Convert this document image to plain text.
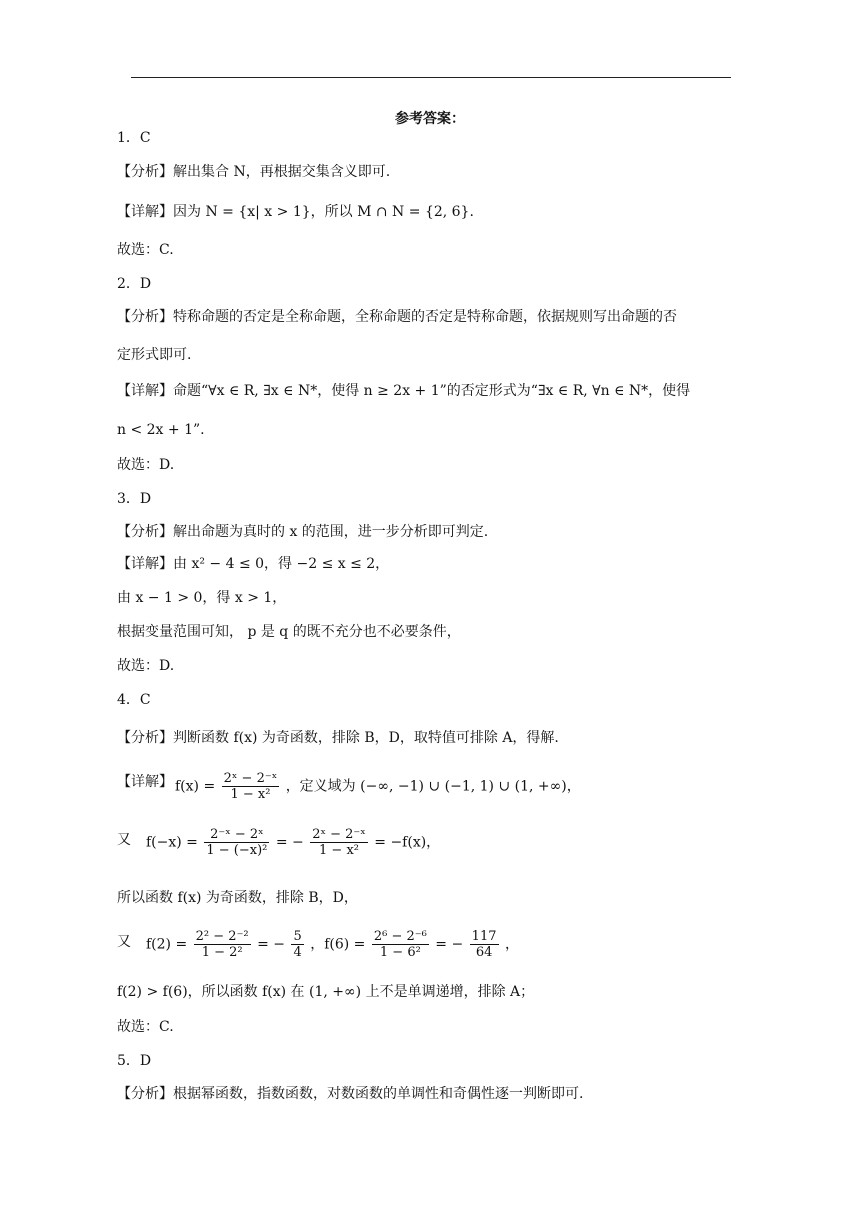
参考答案：
1．C
【分析】解出集合 N，再根据交集含义即可.
【详解】因为 N = {x| x > 1}，所以 M ∩ N = {2, 6}.
故选：C.
2．D
【分析】特称命题的否定是全称命题，全称命题的否定是特称命题，依据规则写出命题的否
定形式即可.
【详解】命题“∀x ∈ R, ∃x ∈ N*，使得 n ≥ 2x + 1”的否定形式为“∃x ∈ R, ∀n ∈ N*，使得
n < 2x + 1”.
故选：D.
3．D
【分析】解出命题为真时的 x 的范围，进一步分析即可判定.
【详解】由 x² − 4 ≤ 0，得 −2 ≤ x ≤ 2，
由 x − 1 > 0，得 x > 1，
根据变量范围可知， p 是 q 的既不充分也不必要条件，
故选：D.
4．C
【分析】判断函数 f(x) 为奇函数，排除 B，D，取特值可排除 A，得解.
【详解】
又
所以函数 f(x) 为奇函数，排除 B，D，
又
f(2) > f(6)，所以函数 f(x) 在 (1, +∞) 上不是单调递增，排除 A；
故选：C.
5．D
【分析】根据幂函数，指数函数，对数函数的单调性和奇偶性逐一判断即可.
$f(x) = \frac{\text{2ˣ − 2⁻ˣ}}{\text{1 − x²}}$ ，定义域为 (−∞, −1) ∪ (−1, 1) ∪ (1, +∞)，
$f(-x) = \frac{\text{2⁻ˣ − 2ˣ}}{\text{1 − (−x)²}}$ = − $\frac{\text{2ˣ − 2⁻ˣ}}{\text{1 − x²}} = -f(x)$，
$f(2) = \frac{\text{2² − 2⁻²}}{\text{1 − 2²}}$ = − $\frac{5}{4}$ ，$f(6) = \frac{\text{2⁶ − 2⁻⁶}}{\text{1 − 6²}}$ = − $\frac{117}{64}$ ，
